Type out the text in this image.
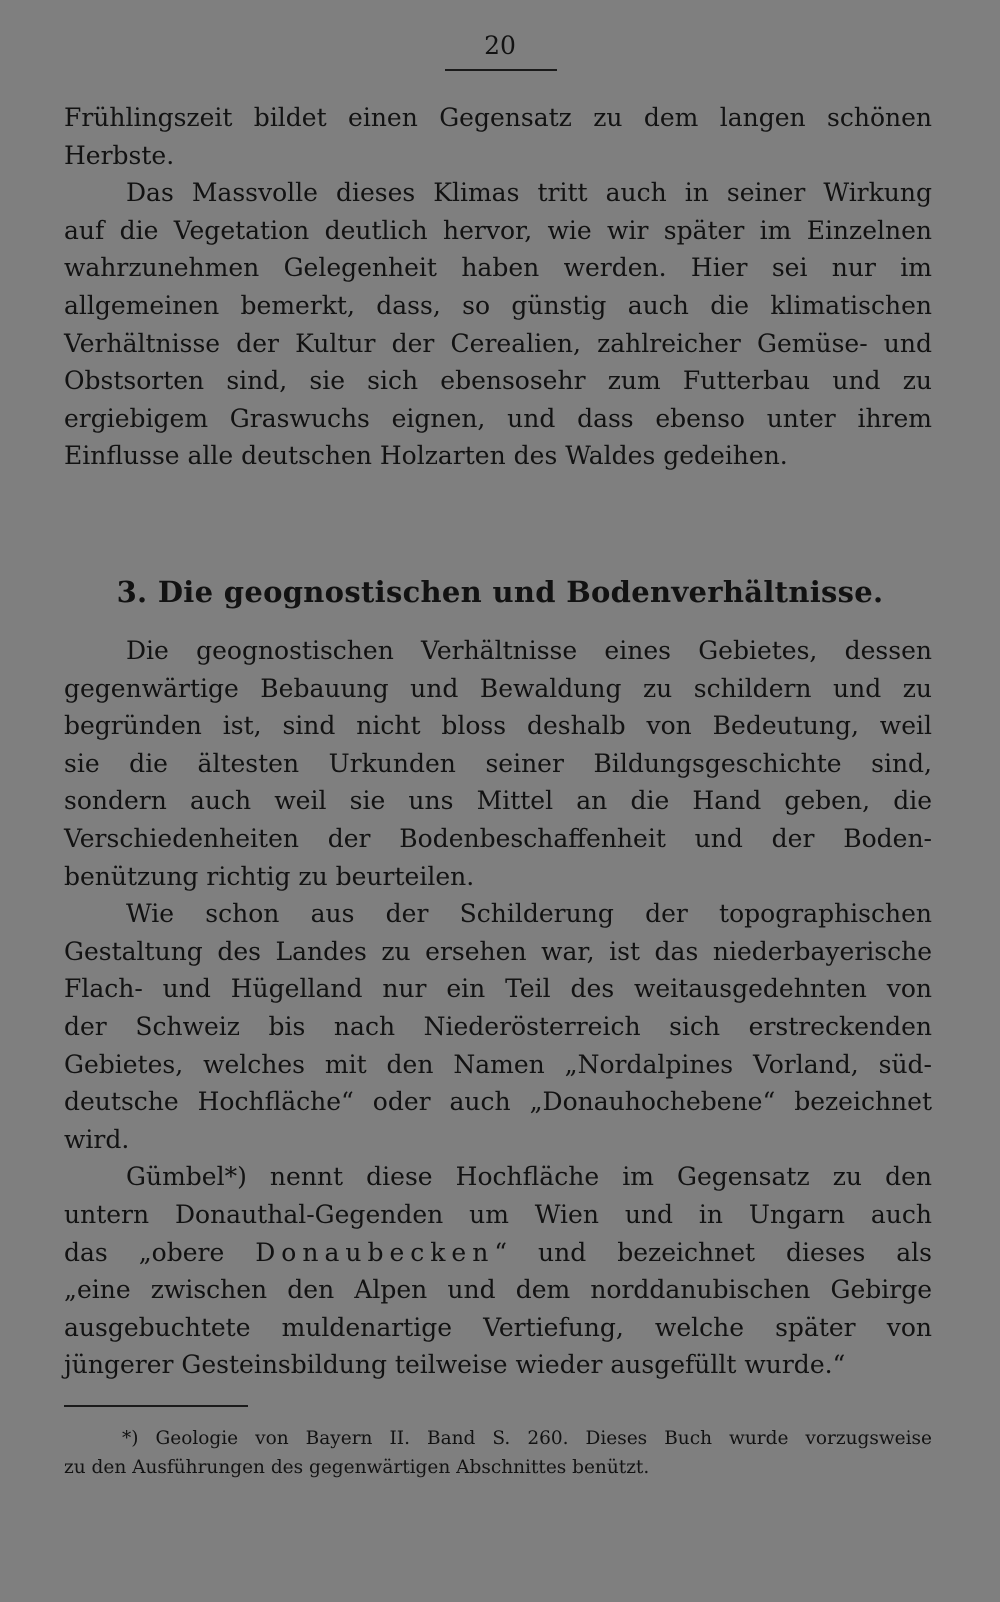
20
Frühlingszeit bildet einen Gegensatz zu dem langen schönen
Herbste.
Das Massvolle dieses Klimas tritt auch in seiner Wirkung
auf die Vegetation deutlich hervor, wie wir später im Einzelnen
wahrzunehmen Gelegenheit haben werden. Hier sei nur im
allgemeinen bemerkt, dass, so günstig auch die klimatischen
Verhältnisse der Kultur der Cerealien, zahlreicher Gemüse- und
Obstsorten sind, sie sich ebensosehr zum Futterbau und zu
ergiebigem Graswuchs eignen, und dass ebenso unter ihrem
Einflusse alle deutschen Holzarten des Waldes gedeihen.
3. Die geognostischen und Bodenverhältnisse.
Die geognostischen Verhältnisse eines Gebietes, dessen
gegenwärtige Bebauung und Bewaldung zu schildern und zu
begründen ist, sind nicht bloss deshalb von Bedeutung, weil
sie die ältesten Urkunden seiner Bildungsgeschichte sind,
sondern auch weil sie uns Mittel an die Hand geben, die
Verschiedenheiten der Bodenbeschaffenheit und der Boden-
benützung richtig zu beurteilen.
Wie schon aus der Schilderung der topographischen
Gestaltung des Landes zu ersehen war, ist das niederbayerische
Flach- und Hügelland nur ein Teil des weitausgedehnten von
der Schweiz bis nach Niederösterreich sich erstreckenden
Gebietes, welches mit den Namen „Nordalpines Vorland, süd-
deutsche Hochfläche“ oder auch „Donauhochebene“ bezeichnet
wird.
Gümbel*) nennt diese Hochfläche im Gegensatz zu den
untern Donauthal-Gegenden um Wien und in Ungarn auch
das „obere Donaubecken“ und bezeichnet dieses als
„eine zwischen den Alpen und dem norddanubischen Gebirge
ausgebuchtete muldenartige Vertiefung, welche später von
jüngerer Gesteinsbildung teilweise wieder ausgefüllt wurde.“
*) Geologie von Bayern II. Band S. 260. Dieses Buch wurde vorzugsweise
zu den Ausführungen des gegenwärtigen Abschnittes benützt.
